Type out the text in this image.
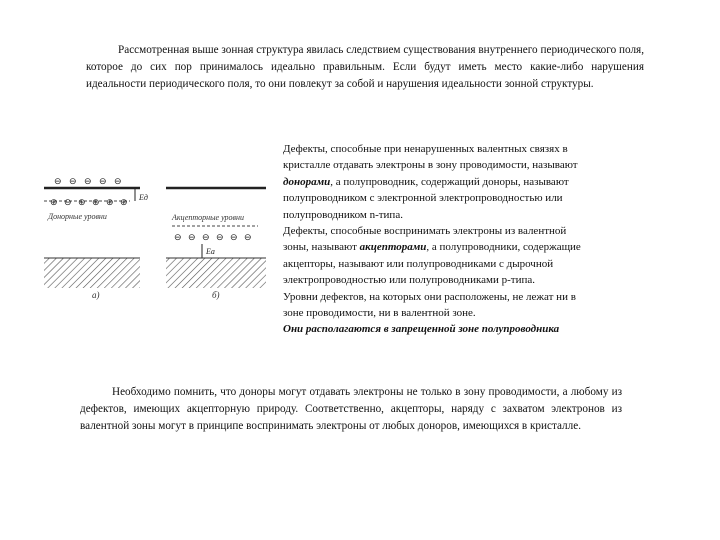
Рассмотренная выше зонная структура явилась следствием существования внутреннего периодического поля, которое до сих пор принималось идеально правильным. Если будут иметь место какие-либо нарушения идеальности периодического поля, то они повлекут за собой и нарушения идеальности зонной структуры.

⊖ ⊖ ⊖ ⊖ ⊖
⊕ ⊖ ⊕ ⊕ ⊕ ⊕ Eд
Донорные уровни
а)
Акцепторные уровни
⊖ ⊖ ⊖ ⊖ ⊖ ⊖
Eа
б)
Дефекты, способные при ненарушенных валентных связях в
кристалле отдавать электроны в зону проводимости, называют
донорами, а полупроводник, содержащий доноры, называют
полупроводником с электронной электропроводностью или
полупроводником n-типа.
Дефекты, способные воспринимать электроны из валентной
зоны, называют акцепторами, а полупроводники, содержащие
акцепторы, называют или полупроводниками с дырочной
электропроводностью или полупроводниками p-типа.
Уровни дефектов, на которых они расположены, не лежат ни в
зоне проводимости, ни в валентной зоне.
Они располагаются в запрещенной зоне полупроводника

Необходимо помнить, что доноры могут отдавать электроны не только в зону проводимости, а любому из дефектов, имеющих акцепторную природу. Соответственно, акцепторы, наряду с захватом электронов из валентной зоны могут в принципе воспринимать электроны от любых доноров, имеющихся в кристалле.
